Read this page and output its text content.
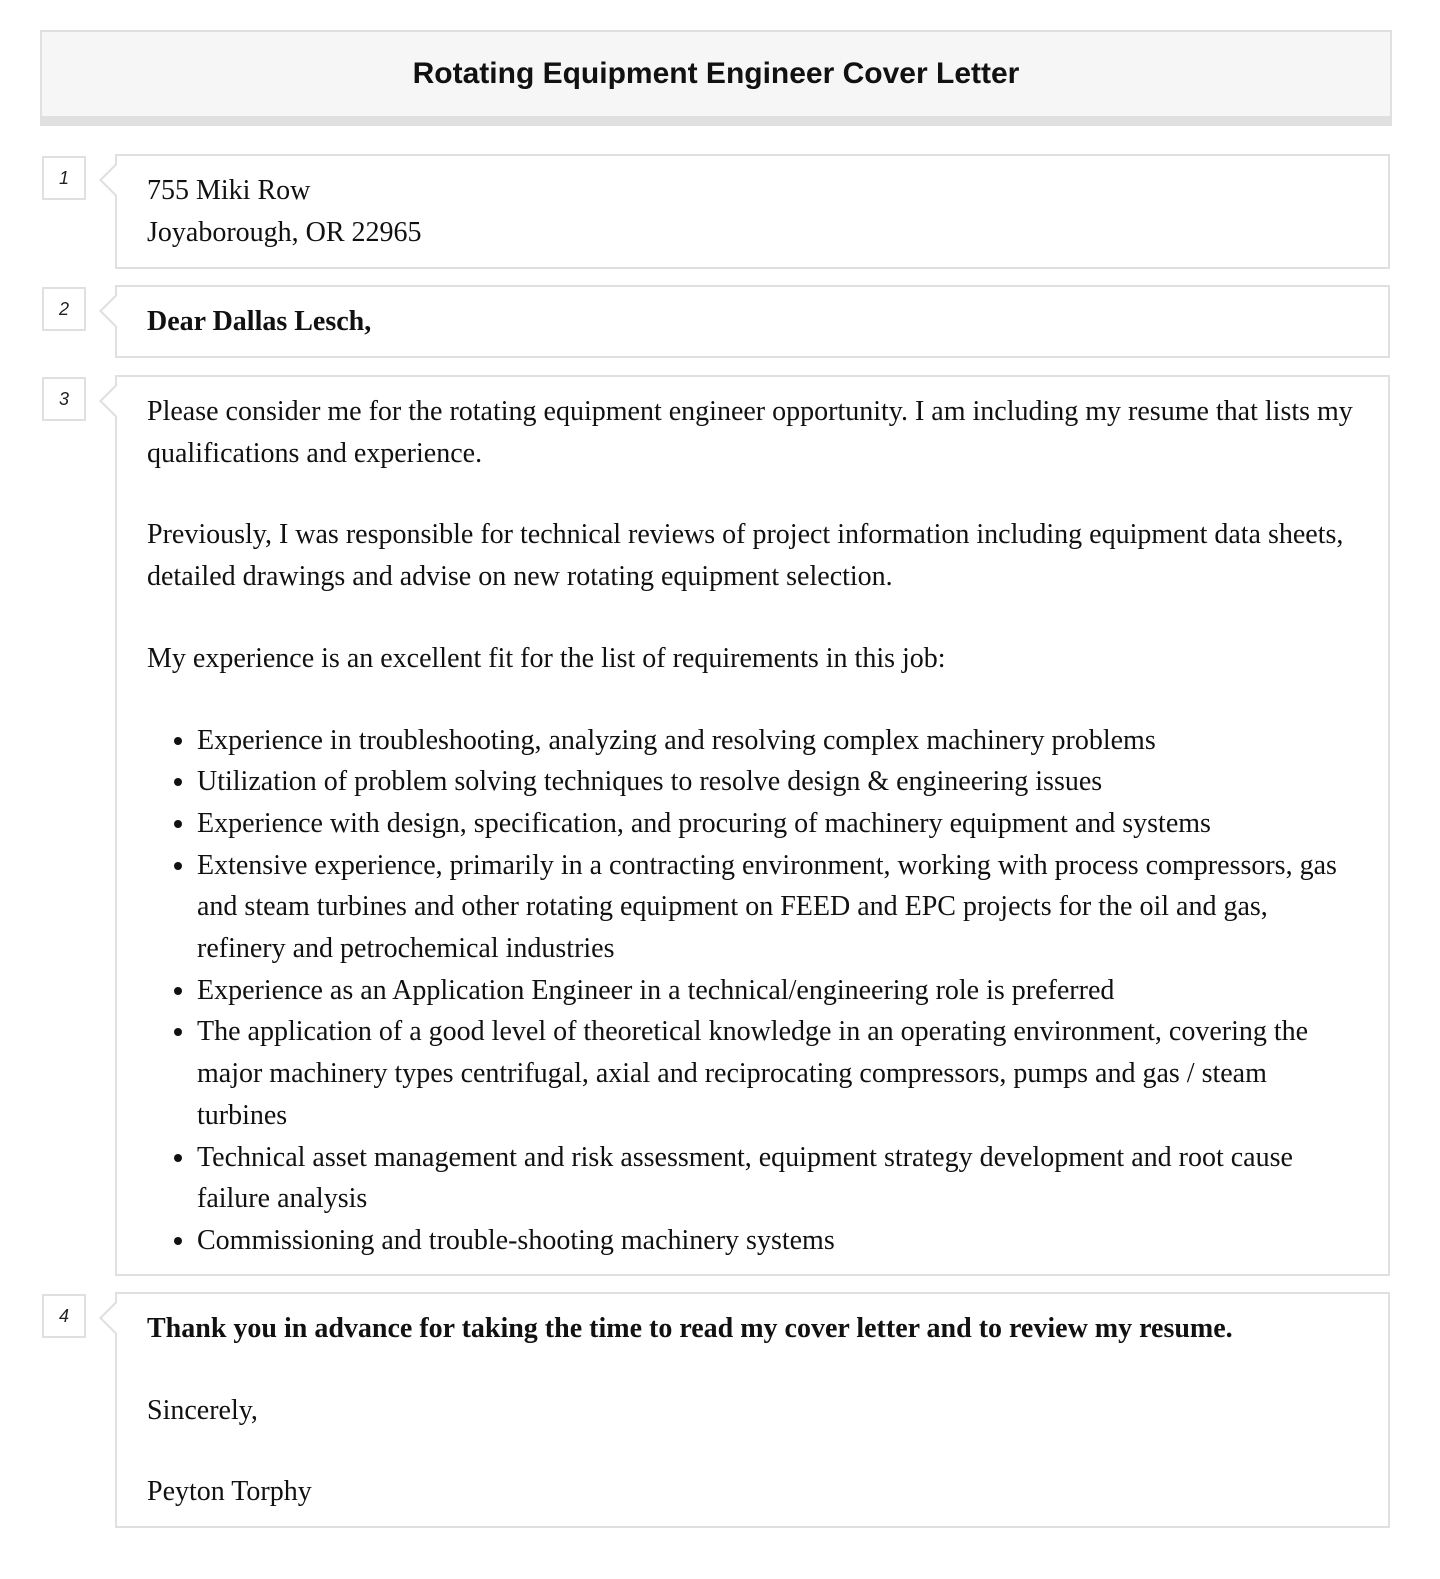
Rotating Equipment Engineer Cover Letter
1	755 Miki Row

Joyaborough, OR 22965

2	Dear Dallas Lesch,

3	Please consider me for the rotating equipment engineer opportunity. I am including my resume that lists my qualifications and experience.

Previously, I was responsible for technical reviews of project information including equipment data sheets, detailed drawings and advise on new rotating equipment selection.

My experience is an excellent fit for the list of requirements in this job:

• Experience in troubleshooting, analyzing and resolving complex machinery problems
• Utilization of problem solving techniques to resolve design & engineering issues
• Experience with design, specification, and procuring of machinery equipment and systems
• Extensive experience, primarily in a contracting environment, working with process compressors, gas and steam turbines and other rotating equipment on FEED and EPC projects for the oil and gas, refinery and petrochemical industries
• Experience as an Application Engineer in a technical/engineering role is preferred
• The application of a good level of theoretical knowledge in an operating environment, covering the major machinery types centrifugal, axial and reciprocating compressors, pumps and gas / steam turbines
• Technical asset management and risk assessment, equipment strategy development and root cause failure analysis
• Commissioning and trouble-shooting machinery systems
4	Thank you in advance for taking the time to read my cover letter and to review my resume.

Sincerely,

Peyton Torphy
